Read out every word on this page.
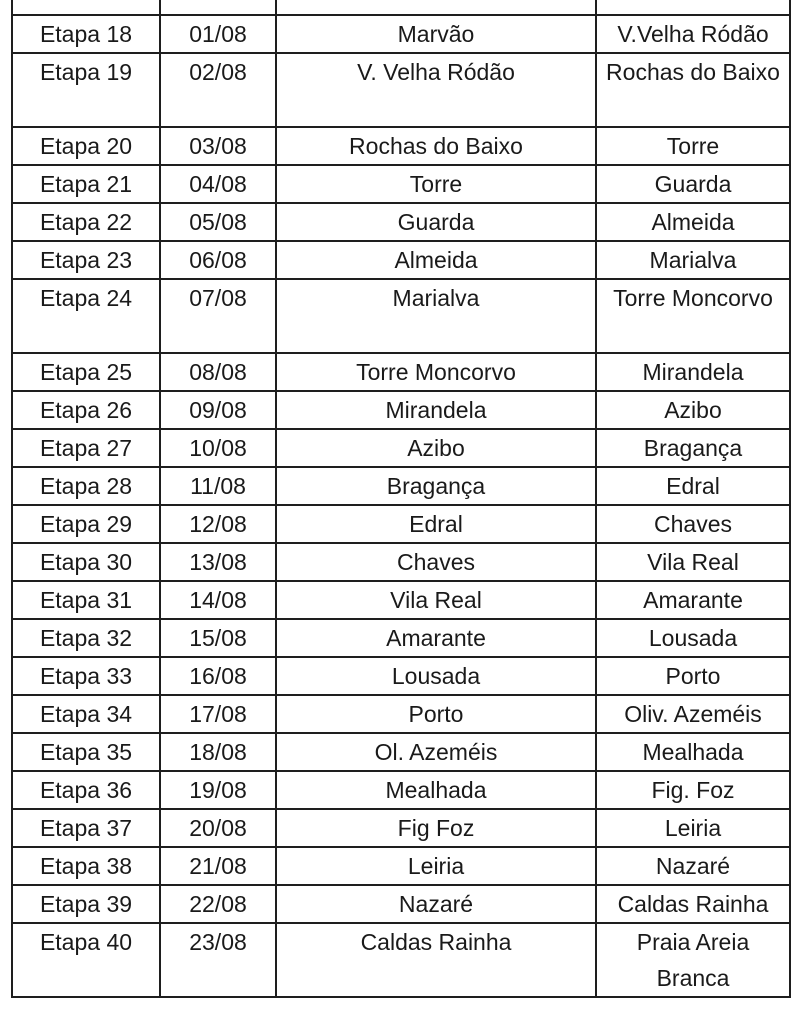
Etapa 18	01/08	Marvão	V.Velha Ródão
Etapa 19	02/08	V. Velha Ródão	Rochas do Baixo
Etapa 20	03/08	Rochas do Baixo	Torre
Etapa 21	04/08	Torre	Guarda
Etapa 22	05/08	Guarda	Almeida
Etapa 23	06/08	Almeida	Marialva
Etapa 24	07/08	Marialva	Torre Moncorvo
Etapa 25	08/08	Torre Moncorvo	Mirandela
Etapa 26	09/08	Mirandela	Azibo
Etapa 27	10/08	Azibo	Bragança
Etapa 28	11/08	Bragança	Edral
Etapa 29	12/08	Edral	Chaves
Etapa 30	13/08	Chaves	Vila Real
Etapa 31	14/08	Vila Real	Amarante
Etapa 32	15/08	Amarante	Lousada
Etapa 33	16/08	Lousada	Porto
Etapa 34	17/08	Porto	Oliv. Azeméis
Etapa 35	18/08	Ol. Azeméis	Mealhada
Etapa 36	19/08	Mealhada	Fig. Foz
Etapa 37	20/08	Fig Foz	Leiria
Etapa 38	21/08	Leiria	Nazaré
Etapa 39	22/08	Nazaré	Caldas Rainha
Etapa 40	23/08	Caldas Rainha	Praia Areia Branca
